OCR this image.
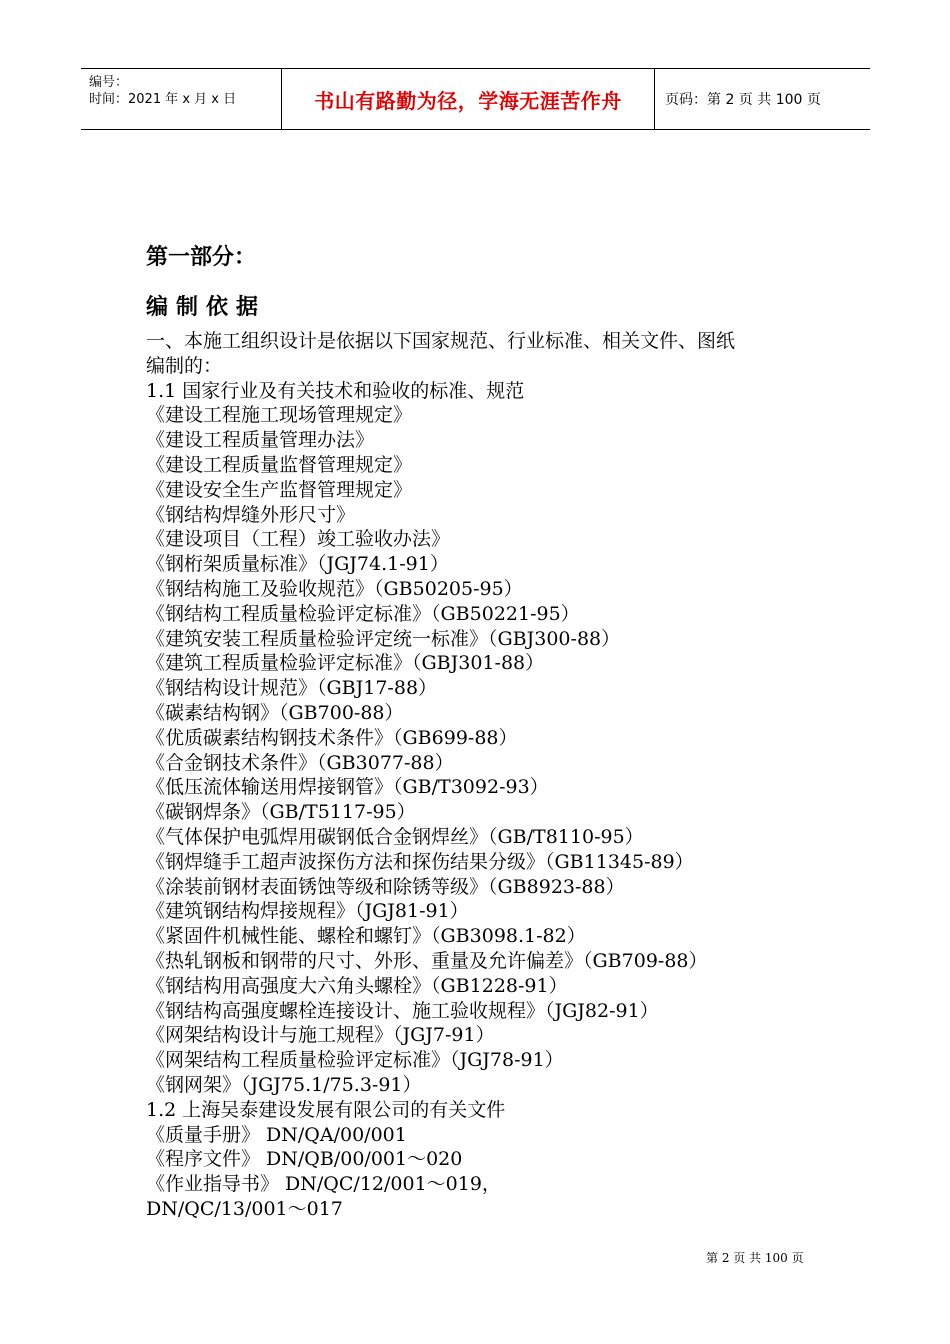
编号：
时间：2021 年 x 月 x 日	书山有路勤为径，学海无涯苦作舟	页码：第 2 页 共 100 页
第一部分：
编制依据
一、本施工组织设计是依据以下国家规范、行业标准、相关文件、图纸
编制的：
1.1 国家行业及有关技术和验收的标准、规范
《建设工程施工现场管理规定》
《建设工程质量管理办法》
《建设工程质量监督管理规定》
《建设安全生产监督管理规定》
《钢结构焊缝外形尺寸》
《建设项目（工程）竣工验收办法》
《钢桁架质量标准》（JGJ74.1-91）
《钢结构施工及验收规范》（GB50205-95）
《钢结构工程质量检验评定标准》（GB50221-95）
《建筑安装工程质量检验评定统一标准》（GBJ300-88）
《建筑工程质量检验评定标准》（GBJ301-88）
《钢结构设计规范》（GBJ17-88）
《碳素结构钢》（GB700-88）
《优质碳素结构钢技术条件》（GB699-88）
《合金钢技术条件》（GB3077-88）
《低压流体输送用焊接钢管》（GB/T3092-93）
《碳钢焊条》（GB/T5117-95）
《气体保护电弧焊用碳钢低合金钢焊丝》（GB/T8110-95）
《钢焊缝手工超声波探伤方法和探伤结果分级》（GB11345-89）
《涂装前钢材表面锈蚀等级和除锈等级》（GB8923-88）
《建筑钢结构焊接规程》（JGJ81-91）
《紧固件机械性能、螺栓和螺钉》（GB3098.1-82）
《热轧钢板和钢带的尺寸、外形、重量及允许偏差》（GB709-88）
《钢结构用高强度大六角头螺栓》（GB1228-91）
《钢结构高强度螺栓连接设计、施工验收规程》（JGJ82-91）
《网架结构设计与施工规程》（JGJ7-91）
《网架结构工程质量检验评定标准》（JGJ78-91）
《钢网架》（JGJ75.1/75.3-91）
1.2 上海吴泰建设发展有限公司的有关文件
《质量手册》 DN/QA/00/001
《程序文件》 DN/QB/00/001～020
《作业指导书》 DN/QC/12/001～019，
DN/QC/13/001～017
第 2 页 共 100 页
